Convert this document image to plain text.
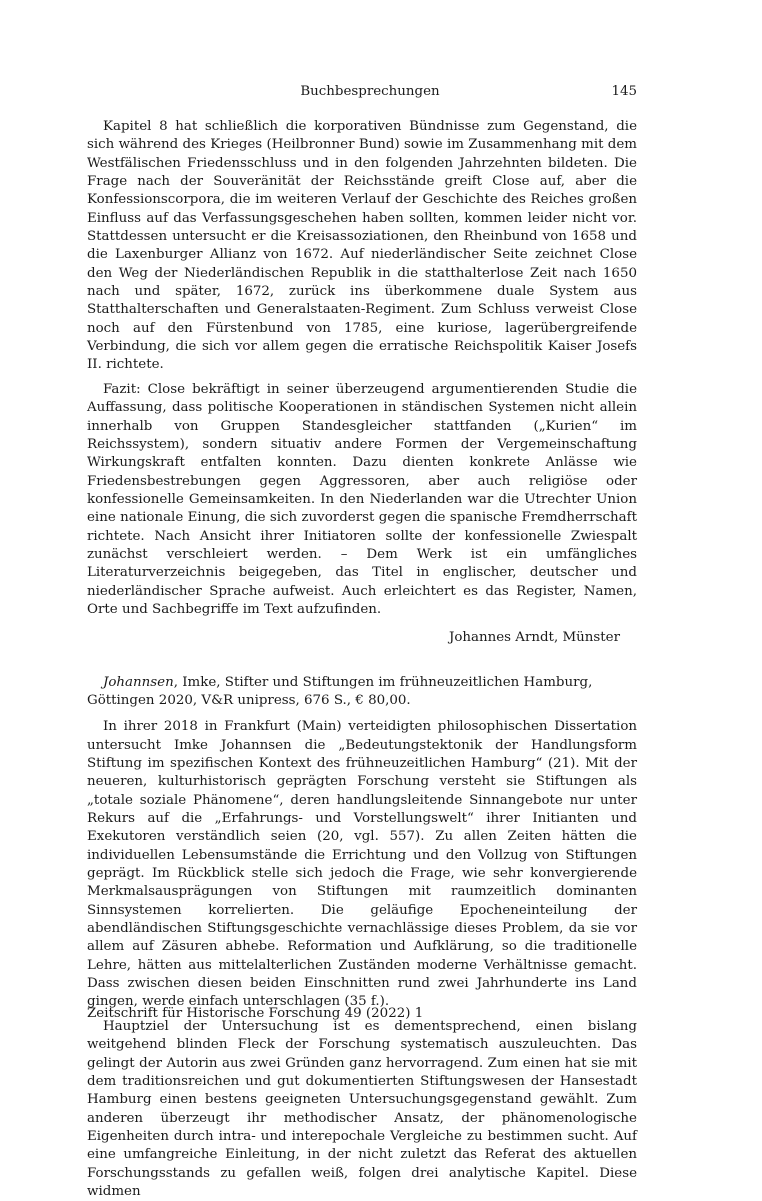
Buchbesprechungen	145

Kapitel 8 hat schließlich die korporativen Bündnisse zum Gegenstand, die sich während des Krieges (Heilbronner Bund) sowie im Zusammenhang mit dem Westfälischen Friedensschluss und in den folgenden Jahrzehnten bildeten. Die Frage nach der Souveränität der Reichsstände greift Close auf, aber die Konfessionscorpora, die im weiteren Verlauf der Geschichte des Reiches großen Einfluss auf das Verfassungsgeschehen haben sollten, kommen leider nicht vor. Stattdessen untersucht er die Kreisassoziationen, den Rheinbund von 1658 und die Laxenburger Allianz von 1672. Auf niederländischer Seite zeichnet Close den Weg der Niederländischen Republik in die statthalterlose Zeit nach 1650 nach und später, 1672, zurück ins überkommene duale System aus Statthalterschaften und Generalstaaten-Regiment. Zum Schluss verweist Close noch auf den Fürstenbund von 1785, eine kuriose, lagerübergreifende Verbindung, die sich vor allem gegen die erratische Reichspolitik Kaiser Josefs II. richtete.

Fazit: Close bekräftigt in seiner überzeugend argumentierenden Studie die Auffassung, dass politische Kooperationen in ständischen Systemen nicht allein innerhalb von Gruppen Standesgleicher stattfanden („Kurien“ im Reichssystem), sondern situativ andere Formen der Vergemeinschaftung Wirkungskraft entfalten konnten. Dazu dienten konkrete Anlässe wie Friedensbestrebungen gegen Aggressoren, aber auch religiöse oder konfessionelle Gemeinsamkeiten. In den Niederlanden war die Utrechter Union eine nationale Einung, die sich zuvorderst gegen die spanische Fremdherrschaft richtete. Nach Ansicht ihrer Initiatoren sollte der konfessionelle Zwiespalt zunächst verschleiert werden. – Dem Werk ist ein umfängliches Literaturverzeichnis beigegeben, das Titel in englischer, deutscher und niederländischer Sprache aufweist. Auch erleichtert es das Register, Namen, Orte und Sachbegriffe im Text aufzufinden.

Johannes Arndt, Münster

Johannsen, Imke, Stifter und Stiftungen im frühneuzeitlichen Hamburg, Göttingen 2020, V&R unipress, 676 S., € 80,00.

In ihrer 2018 in Frankfurt (Main) verteidigten philosophischen Dissertation untersucht Imke Johannsen die „Bedeutungstektonik der Handlungsform Stiftung im spezifischen Kontext des frühneuzeitlichen Hamburg“ (21). Mit der neueren, kulturhistorisch geprägten Forschung versteht sie Stiftungen als „totale soziale Phänomene“, deren handlungsleitende Sinnangebote nur unter Rekurs auf die „Erfahrungs- und Vorstellungswelt“ ihrer Initianten und Exekutoren verständlich seien (20, vgl. 557). Zu allen Zeiten hätten die individuellen Lebensumstände die Errichtung und den Vollzug von Stiftungen geprägt. Im Rückblick stelle sich jedoch die Frage, wie sehr konvergierende Merkmalsausprägungen von Stiftungen mit raumzeitlich dominanten Sinnsystemen korrelierten. Die geläufige Epocheneinteilung der abendländischen Stiftungsgeschichte vernachlässige dieses Problem, da sie vor allem auf Zäsuren abhebe. Reformation und Aufklärung, so die traditionelle Lehre, hätten aus mittelalterlichen Zuständen moderne Verhältnisse gemacht. Dass zwischen diesen beiden Einschnitten rund zwei Jahrhunderte ins Land gingen, werde einfach unterschlagen (35 f.).

Hauptziel der Untersuchung ist es dementsprechend, einen bislang weitgehend blinden Fleck der Forschung systematisch auszuleuchten. Das gelingt der Autorin aus zwei Gründen ganz hervorragend. Zum einen hat sie mit dem traditionsreichen und gut dokumentierten Stiftungswesen der Hansestadt Hamburg einen bestens geeigneten Untersuchungsgegenstand gewählt. Zum anderen überzeugt ihr methodischer Ansatz, der phänomenologische Eigenheiten durch intra- und interepochale Vergleiche zu bestimmen sucht. Auf eine umfangreiche Einleitung, in der nicht zuletzt das Referat des aktuellen Forschungsstands zu gefallen weiß, folgen drei analytische Kapitel. Diese widmen

Zeitschrift für Historische Forschung 49 (2022) 1
